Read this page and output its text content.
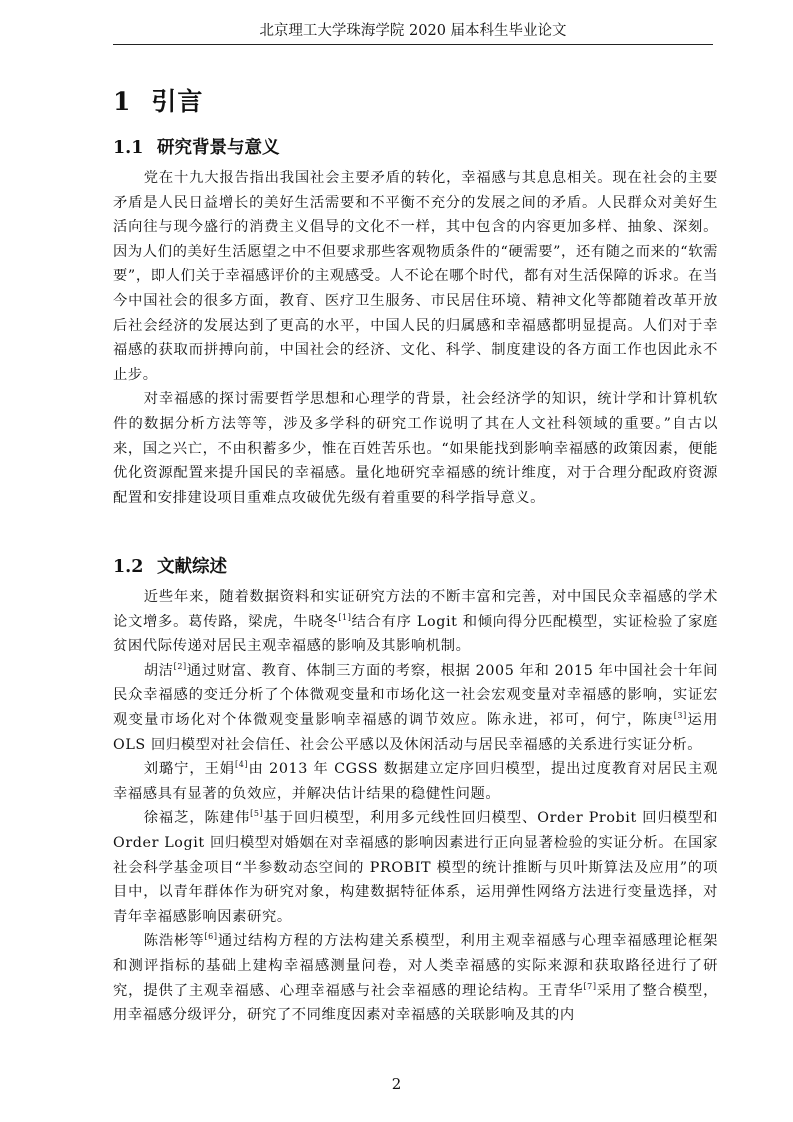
北京理工大学珠海学院 2020 届本科生毕业论文
1 引言
1.1 研究背景与意义

党在十九大报告指出我国社会主要矛盾的转化，幸福感与其息息相关。现在社会的主要矛盾是人民日益增长的美好生活需要和不平衡不充分的发展之间的矛盾。人民群众对美好生活向往与现今盛行的消费主义倡导的文化不一样，其中包含的内容更加多样、抽象、深刻。因为人们的美好生活愿望之中不但要求那些客观物质条件的“硬需要”，还有随之而来的“软需要”，即人们关于幸福感评价的主观感受。人不论在哪个时代，都有对生活保障的诉求。在当今中国社会的很多方面，教育、医疗卫生服务、市民居住环境、精神文化等都随着改革开放后社会经济的发展达到了更高的水平，中国人民的归属感和幸福感都明显提高。人们对于幸福感的获取而拼搏向前，中国社会的经济、文化、科学、制度建设的各方面工作也因此永不止步。

对幸福感的探讨需要哲学思想和心理学的背景，社会经济学的知识，统计学和计算机软件的数据分析方法等等，涉及多学科的研究工作说明了其在人文社科领域的重要。”自古以来，国之兴亡，不由积蓄多少，惟在百姓苦乐也。“如果能找到影响幸福感的政策因素，便能优化资源配置来提升国民的幸福感。量化地研究幸福感的统计维度，对于合理分配政府资源配置和安排建设项目重难点攻破优先级有着重要的科学指导意义。

1.2 文献综述

近些年来，随着数据资料和实证研究方法的不断丰富和完善，对中国民众幸福感的学术论文增多。葛传路，梁虎，牛晓冬[1]结合有序 Logit 和倾向得分匹配模型，实证检验了家庭贫困代际传递对居民主观幸福感的影响及其影响机制。

胡洁[2]通过财富、教育、体制三方面的考察，根据 2005 年和 2015 年中国社会十年间民众幸福感的变迁分析了个体微观变量和市场化这一社会宏观变量对幸福感的影响，实证宏观变量市场化对个体微观变量影响幸福感的调节效应。陈永进，祁可，何宁，陈庚[3]运用 OLS 回归模型对社会信任、社会公平感以及休闲活动与居民幸福感的关系进行实证分析。

刘璐宁，王娟[4]由 2013 年 CGSS 数据建立定序回归模型，提出过度教育对居民主观幸福感具有显著的负效应，并解决估计结果的稳健性问题。

徐福芝，陈建伟[5]基于回归模型，利用多元线性回归模型、Order Probit 回归模型和 Order Logit 回归模型对婚姻在对幸福感的影响因素进行正向显著检验的实证分析。在国家社会科学基金项目“半参数动态空间的 PROBIT 模型的统计推断与贝叶斯算法及应用”的项目中，以青年群体作为研究对象，构建数据特征体系，运用弹性网络方法进行变量选择，对青年幸福感影响因素研究。

陈浩彬等[6]通过结构方程的方法构建关系模型，利用主观幸福感与心理幸福感理论框架和测评指标的基础上建构幸福感测量问卷，对人类幸福感的实际来源和获取路径进行了研究，提供了主观幸福感、心理幸福感与社会幸福感的理论结构。王青华[7]采用了整合模型，用幸福感分级评分，研究了不同维度因素对幸福感的关联影响及其的内

2
